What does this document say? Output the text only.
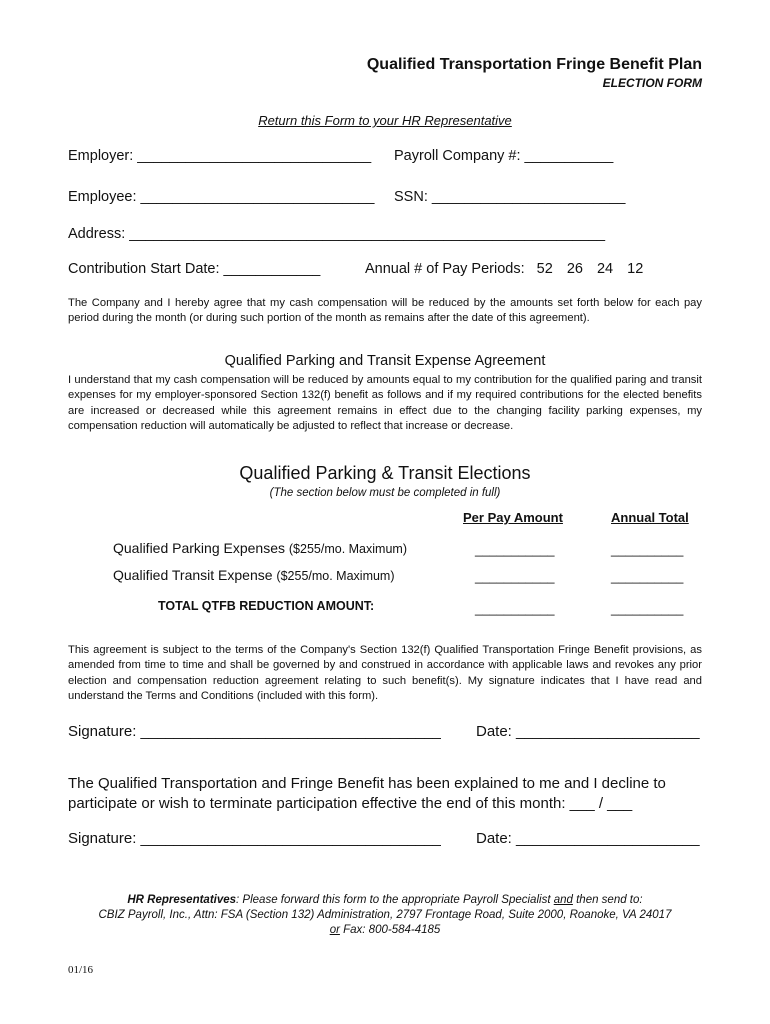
Qualified Transportation Fringe Benefit Plan
ELECTION FORM
Return this Form to your HR Representative
Employer: _____________________________ Payroll Company #: ___________
Employee: _____________________________ SSN: ________________________
Address: ___________________________________________________________
Contribution Start Date: ____________	Annual # of Pay Periods: 52 26 24 12
The Company and I hereby agree that my cash compensation will be reduced by the amounts set forth below for each pay period during the month (or during such portion of the month as remains after the date of this agreement).
Qualified Parking and Transit Expense Agreement
I understand that my cash compensation will be reduced by amounts equal to my contribution for the qualified paring and transit expenses for my employer-sponsored Section 132(f) benefit as follows and if my required contributions for the elected benefits are increased or decreased while this agreement remains in effect due to the changing facility parking expenses, my compensation reduction will automatically be adjusted to reflect that increase or decrease.
Qualified Parking & Transit Elections
(The section below must be completed in full)
Per Pay Amount	Annual Total
Qualified Parking Expenses ($255/mo. Maximum)	___________	__________
Qualified Transit Expense ($255/mo. Maximum)	___________	__________
TOTAL QTFB REDUCTION AMOUNT:	___________	__________
This agreement is subject to the terms of the Company's Section 132(f) Qualified Transportation Fringe Benefit provisions, as amended from time to time and shall be governed by and construed in accordance with applicable laws and revokes any prior election and compensation reduction agreement relating to such benefit(s). My signature indicates that I have read and understand the Terms and Conditions (included with this form).
Signature: ____________________________________ Date: ______________________
The Qualified Transportation and Fringe Benefit has been explained to me and I decline to
participate or wish to terminate participation effective the end of this month: ___ / ___
Signature: ____________________________________ Date: ______________________
HR Representatives: Please forward this form to the appropriate Payroll Specialist and then send to:
CBIZ Payroll, Inc., Attn: FSA (Section 132) Administration, 2797 Frontage Road, Suite 2000, Roanoke, VA 24017
or Fax: 800-584-4185
01/16
